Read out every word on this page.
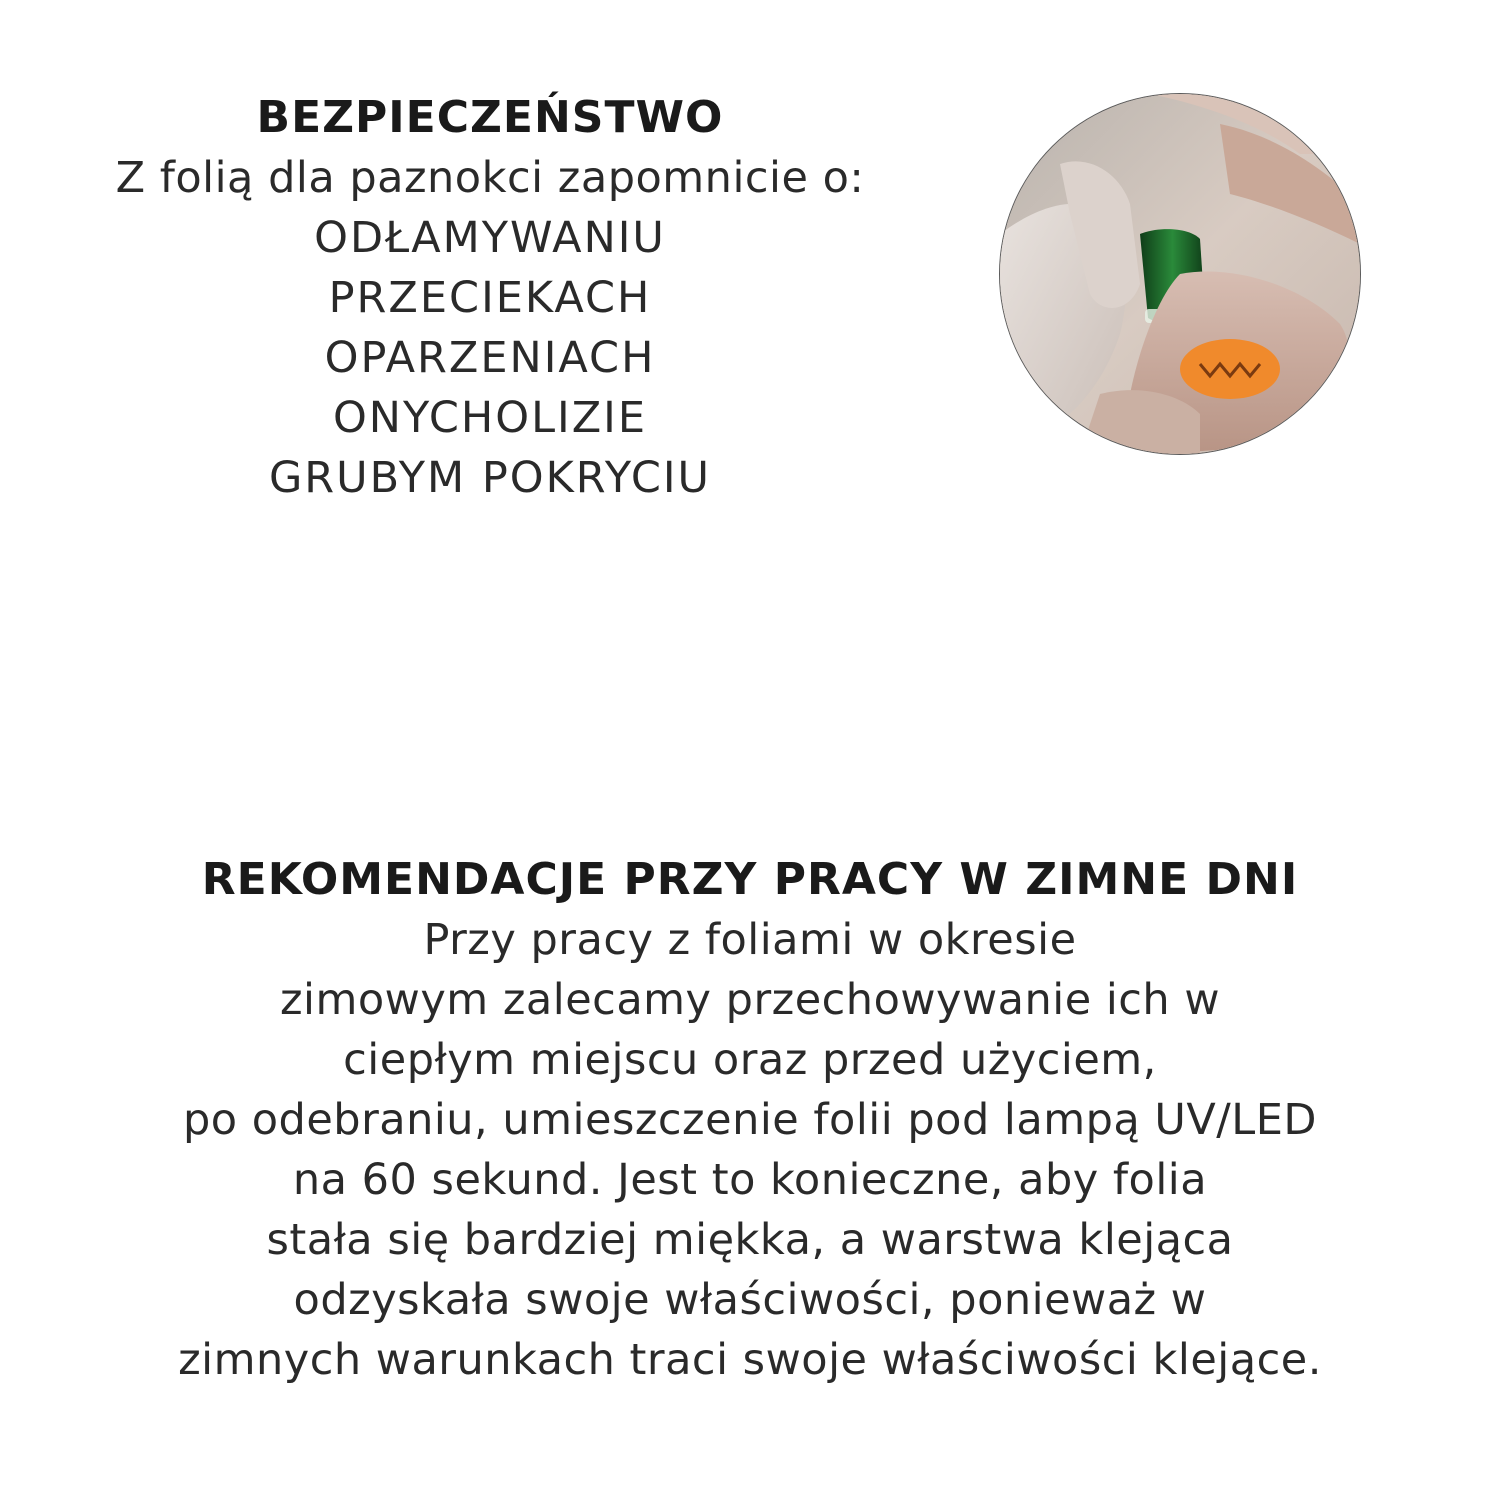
BEZPIECZEŃSTWO

Z folią dla paznokci zapomnicie o:

ODŁAMYWANIU
PRZECIEKACH
OPARZENIACH
ONYCHOLIZIE
GRUBYM POKRYCIU
REKOMENDACJE PRZY PRACY W ZIMNE DNI
Przy pracy z foliami w okresie
zimowym zalecamy przechowywanie ich w
ciepłym miejscu oraz przed użyciem,
po odebraniu, umieszczenie folii pod lampą UV/LED
na 60 sekund. Jest to konieczne, aby folia
stała się bardziej miękka, a warstwa klejąca
odzyskała swoje właściwości, ponieważ w
zimnych warunkach traci swoje właściwości klejące.
